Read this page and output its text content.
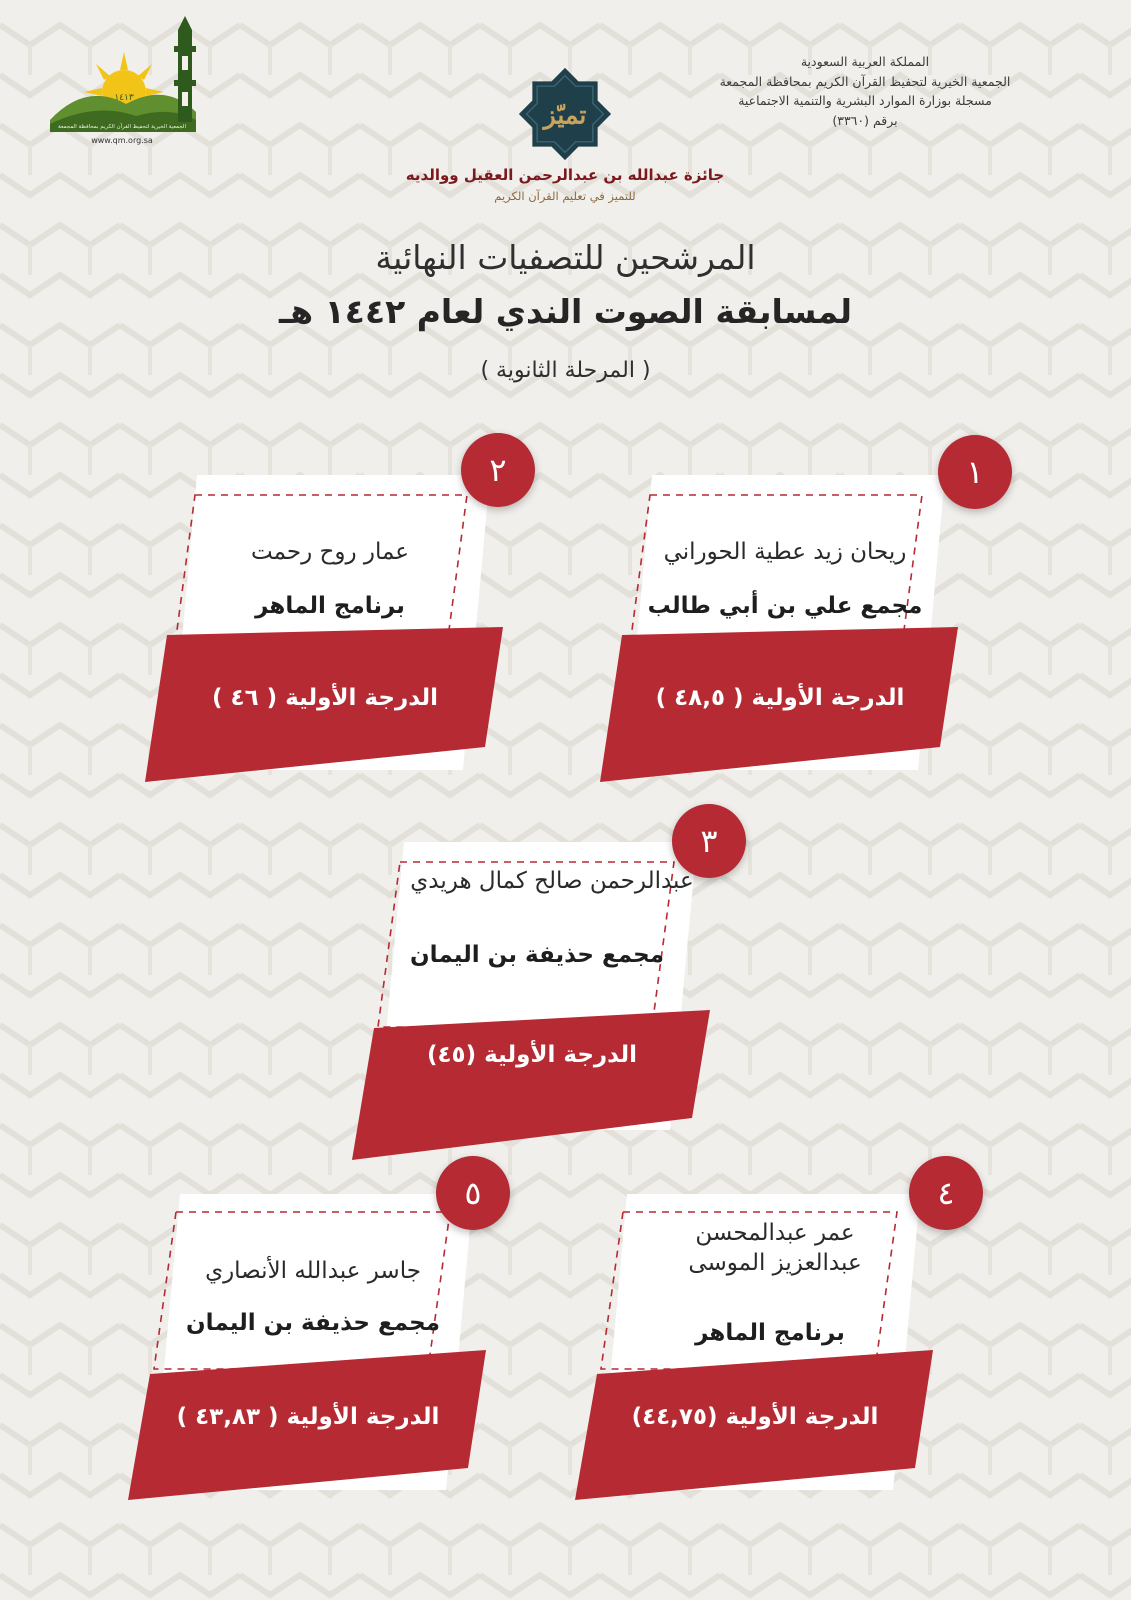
المملكة العربية السعودية
الجمعية الخيرية لتحفيظ القرآن الكريم بمحافظة المجمعة
مسجلة بوزارة الموارد البشرية والتنمية الاجتماعية
برقم (٣٣٦٠)
تميّز
جائزة عبدالله بن عبدالرحمن العقيل ووالديه
للتميز في تعليم القرآن الكريم
١٤١٣
الجمعية الخيرية لتحفيظ القرآن الكريم بمحافظة المجمعة
www.qm.org.sa
المرشحين للتصفيات النهائية
لمسابقة الصوت الندي لعام ١٤٤٢ هـ
( المرحلة الثانوية )
١
ريحان زيد عطية الحوراني
مجمع علي بن أبي طالب
الدرجة الأولية ( ٤٨,٥ )
٢
عمار روح رحمت
برنامج الماهر
الدرجة الأولية ( ٤٦ )
٣
عبدالرحمن صالح كمال هريدي
مجمع حذيفة بن اليمان
الدرجة الأولية (٤٥)
٤
عمر عبدالمحسن عبدالعزيز الموسى
برنامج الماهر
الدرجة الأولية (٤٤,٧٥)
٥
جاسر عبدالله الأنصاري
مجمع حذيفة بن اليمان
الدرجة الأولية ( ٤٣,٨٣ )
